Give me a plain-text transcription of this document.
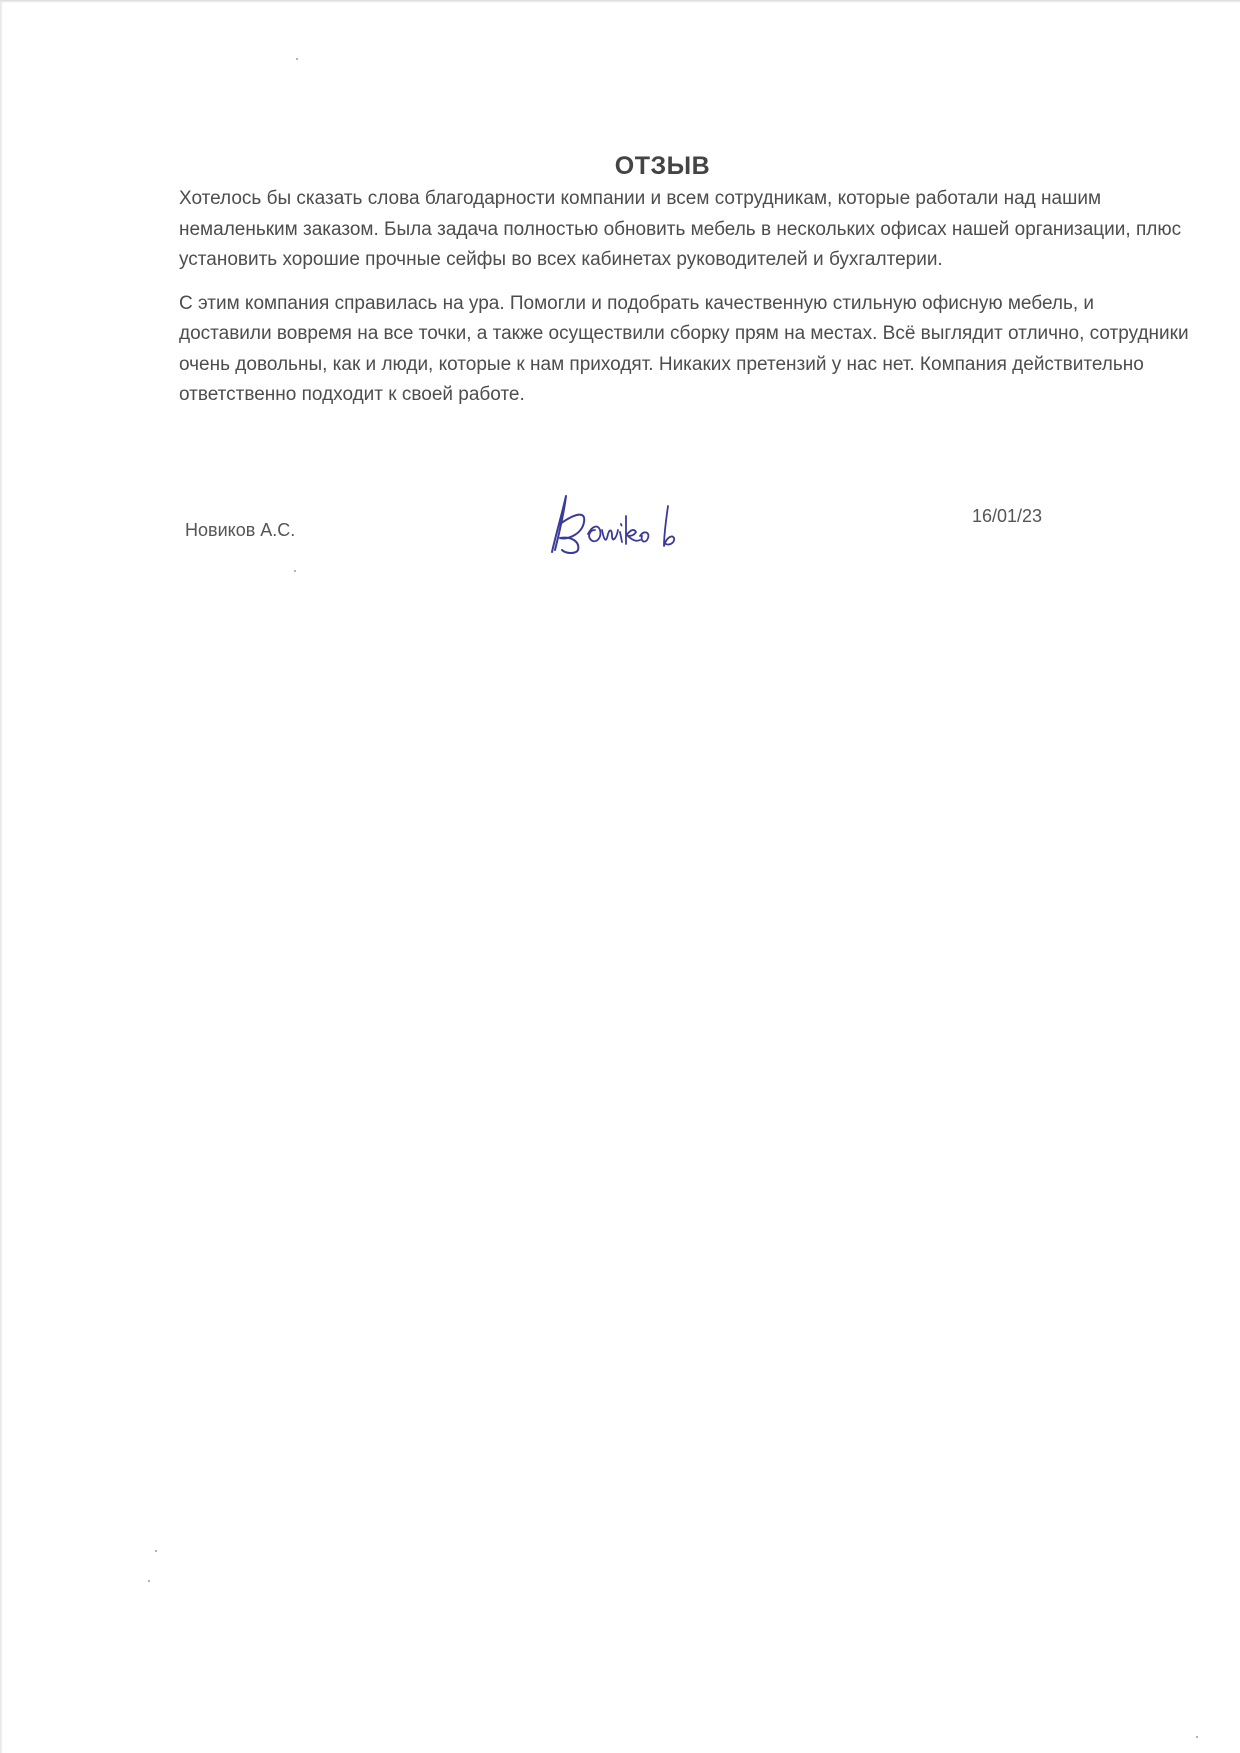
ОТЗЫВ

Хотелось бы сказать слова благодарности компании и всем сотрудникам, которые работали над нашим немаленьким заказом. Была задача полностью обновить мебель в нескольких офисах нашей организации, плюс установить хорошие прочные сейфы во всех кабинетах руководителей и бухгалтерии.

С этим компания справилась на ура. Помогли и подобрать качественную стильную офисную мебель, и доставили вовремя на все точки, а также осуществили сборку прям на местах. Всё выглядит отлично, сотрудники очень довольны, как и люди, которые к нам приходят. Никаких претензий у нас нет. Компания действительно ответственно подходит к своей работе.

Новиков А.С.
16/01/23
